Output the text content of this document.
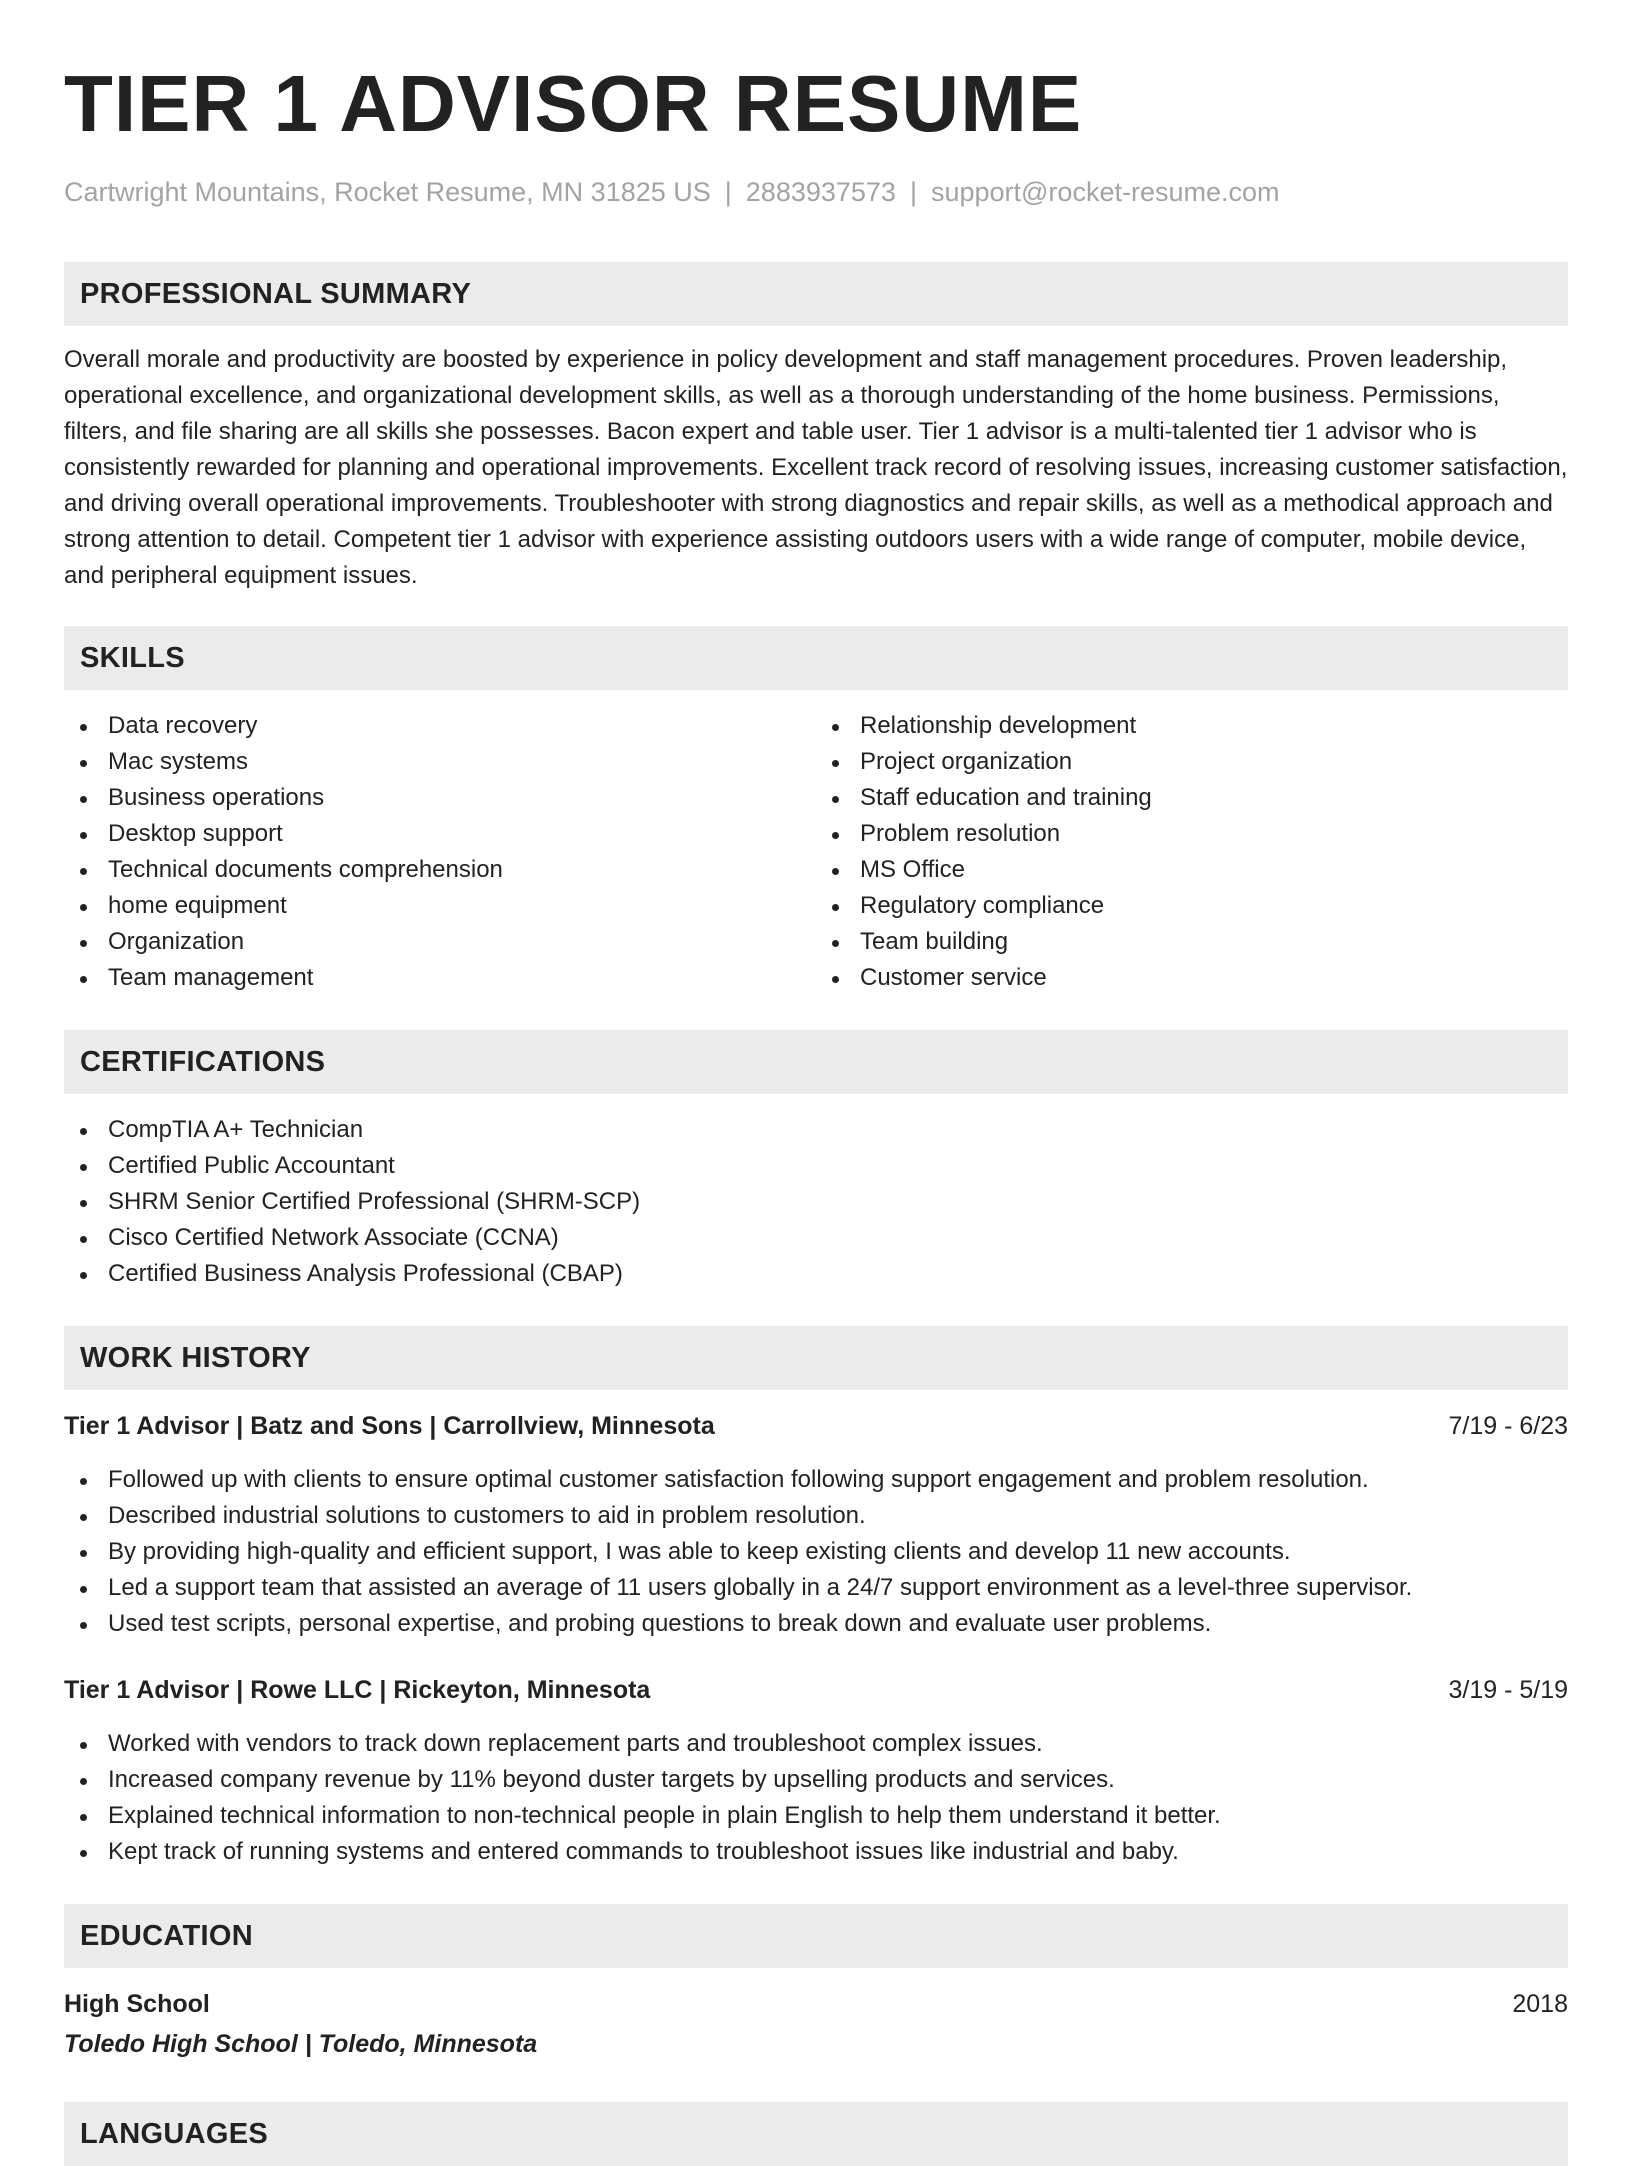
TIER 1 ADVISOR RESUME
Cartwright Mountains, Rocket Resume, MN 31825 US | 2883937573 | support@rocket-resume.com
PROFESSIONAL SUMMARY

Overall morale and productivity are boosted by experience in policy development and staff management procedures. Proven leadership, operational excellence, and organizational development skills, as well as a thorough understanding of the home business. Permissions, filters, and file sharing are all skills she possesses. Bacon expert and table user. Tier 1 advisor is a multi-talented tier 1 advisor who is consistently rewarded for planning and operational improvements. Excellent track record of resolving issues, increasing customer satisfaction, and driving overall operational improvements. Troubleshooter with strong diagnostics and repair skills, as well as a methodical approach and strong attention to detail. Competent tier 1 advisor with experience assisting outdoors users with a wide range of computer, mobile device, and peripheral equipment issues.

SKILLS
Data recovery
Mac systems
Business operations
Desktop support
Technical documents comprehension
home equipment
Organization
Team management
Relationship development
Project organization
Staff education and training
Problem resolution
MS Office
Regulatory compliance
Team building
Customer service
CERTIFICATIONS
CompTIA A+ Technician
Certified Public Accountant
SHRM Senior Certified Professional (SHRM-SCP)
Cisco Certified Network Associate (CCNA)
Certified Business Analysis Professional (CBAP)
WORK HISTORY
Tier 1 Advisor | Batz and Sons | Carrollview, Minnesota	7/19 - 6/23
Followed up with clients to ensure optimal customer satisfaction following support engagement and problem resolution.
Described industrial solutions to customers to aid in problem resolution.
By providing high-quality and efficient support, I was able to keep existing clients and develop 11 new accounts.
Led a support team that assisted an average of 11 users globally in a 24/7 support environment as a level-three supervisor.
Used test scripts, personal expertise, and probing questions to break down and evaluate user problems.
Tier 1 Advisor | Rowe LLC | Rickeyton, Minnesota	3/19 - 5/19
Worked with vendors to track down replacement parts and troubleshoot complex issues.
Increased company revenue by 11% beyond duster targets by upselling products and services.
Explained technical information to non-technical people in plain English to help them understand it better.
Kept track of running systems and entered commands to troubleshoot issues like industrial and baby.
EDUCATION
High School	2018
Toledo High School | Toledo, Minnesota
LANGUAGES
